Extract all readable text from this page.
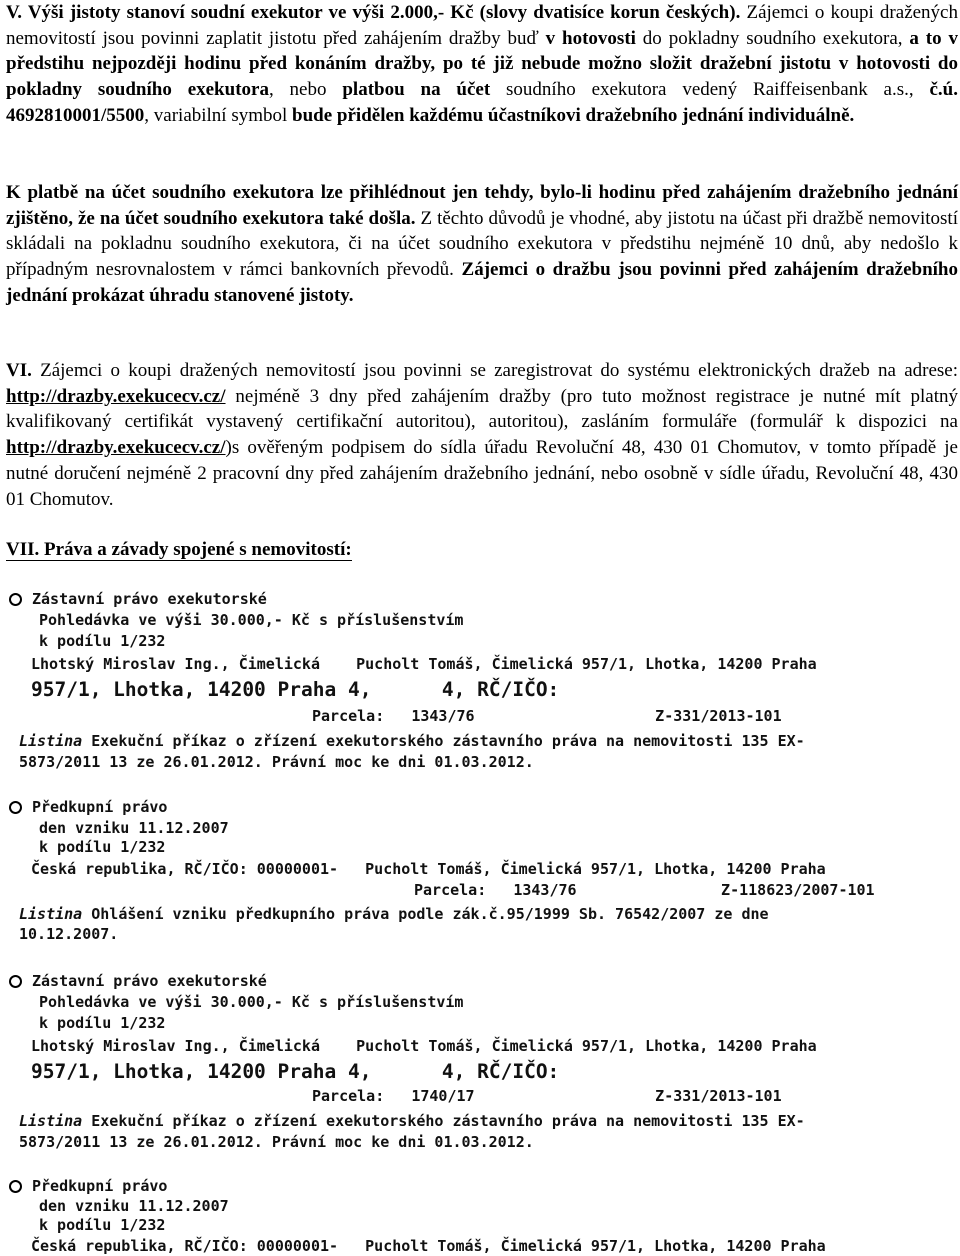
V. Výši jistoty stanoví soudní exekutor ve výši 2.000,- Kč (slovy dvatisíce korun českých). Zájemci o koupi dražených nemovitostí jsou povinni zaplatit jistotu před zahájením dražby buď v hotovosti do pokladny soudního exekutora, a to v předstihu nejpozději hodinu před konáním dražby, po té již nebude možno složit dražební jistotu v hotovosti do pokladny soudního exekutora, nebo platbou na účet soudního exekutora vedený Raiffeisenbank a.s., č.ú. 4692810001/5500, variabilní symbol bude přidělen každému účastníkovi dražebního jednání individuálně.
K platbě na účet soudního exekutora lze přihlédnout jen tehdy, bylo-li hodinu před zahájením dražebního jednání zjištěno, že na účet soudního exekutora také došla. Z těchto důvodů je vhodné, aby jistotu na účast při dražbě nemovitostí skládali na pokladnu soudního exekutora, či na účet soudního exekutora v předstihu nejméně 10 dnů, aby nedošlo k případným nesrovnalostem v rámci bankovních převodů. Zájemci o dražbu jsou povinni před zahájením dražebního jednání prokázat úhradu stanovené jistoty.
VI. Zájemci o koupi dražených nemovitostí jsou povinni se zaregistrovat do systému elektronických dražeb na adrese: http://drazby.exekucecv.cz/ nejméně 3 dny před zahájením dražby (pro tuto možnost registrace je nutné mít platný kvalifikovaný certifikát vystavený certifikační autoritou), autoritou), zasláním formuláře (formulář k dispozici na http://drazby.exekucecv.cz/)s ověřeným podpisem do sídla úřadu Revoluční 48, 430 01 Chomutov, v tomto případě je nutné doručení nejméně 2 pracovní dny před zahájením dražebního jednání, nebo osobně v sídle úřadu, Revoluční 48, 430 01 Chomutov.
VII. Práva a závady spojené s nemovitostí:
Zástavní právo exekutorské
Pohledávka ve výši 30.000,- Kč s příslušenstvím
k podílu 1/232
Lhotský Miroslav Ing., Čimelická    Pucholt Tomáš, Čimelická 957/1, Lhotka, 14200 Praha
957/1, Lhotka, 14200 Praha 4,      4, RČ/IČO:
Parcela:   1343/76                    Z-331/2013-101
Listina Exekuční příkaz o zřízení exekutorského zástavního práva na nemovitosti 135 EX-
5873/2011 13 ze 26.01.2012. Právní moc ke dni 01.03.2012.
Předkupní právo
den vzniku 11.12.2007
k podílu 1/232
Česká republika, RČ/IČO: 00000001-   Pucholt Tomáš, Čimelická 957/1, Lhotka, 14200 Praha
Parcela:   1343/76                Z-118623/2007-101
Listina Ohlášení vzniku předkupního práva podle zák.č.95/1999 Sb. 76542/2007 ze dne
10.12.2007.
Zástavní právo exekutorské
Pohledávka ve výši 30.000,- Kč s příslušenstvím
k podílu 1/232
Lhotský Miroslav Ing., Čimelická    Pucholt Tomáš, Čimelická 957/1, Lhotka, 14200 Praha
957/1, Lhotka, 14200 Praha 4,      4, RČ/IČO:
Parcela:   1740/17                    Z-331/2013-101
Listina Exekuční příkaz o zřízení exekutorského zástavního práva na nemovitosti 135 EX-
5873/2011 13 ze 26.01.2012. Právní moc ke dni 01.03.2012.
Předkupní právo
den vzniku 11.12.2007
k podílu 1/232
Česká republika, RČ/IČO: 00000001-   Pucholt Tomáš, Čimelická 957/1, Lhotka, 14200 Praha
